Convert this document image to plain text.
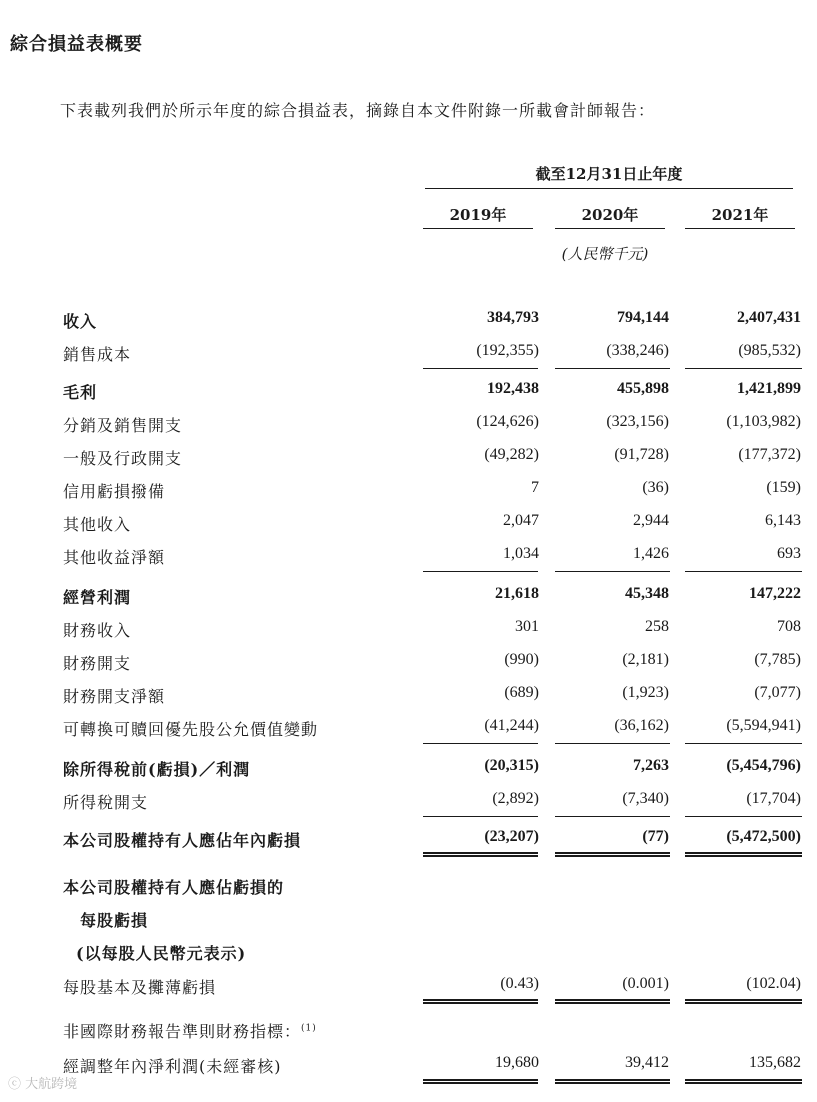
綜合損益表概要
下表載列我們於所示年度的綜合損益表，摘錄自本文件附錄一所載會計師報告：
截至12月31日止年度
2019年	2020年	2021年
(人民幣千元)
收入	384,793	794,144	2,407,431
銷售成本	(192,355)	(338,246)	(985,532)
毛利	192,438	455,898	1,421,899
分銷及銷售開支	(124,626)	(323,156)	(1,103,982)
一般及行政開支	(49,282)	(91,728)	(177,372)
信用虧損撥備	7	(36)	(159)
其他收入	2,047	2,944	6,143
其他收益淨額	1,034	1,426	693
經營利潤	21,618	45,348	147,222
財務收入	301	258	708
財務開支	(990)	(2,181)	(7,785)
財務開支淨額	(689)	(1,923)	(7,077)
可轉換可贖回優先股公允價值變動	(41,244)	(36,162)	(5,594,941)
除所得稅前(虧損)／利潤	(20,315)	7,263	(5,454,796)
所得稅開支	(2,892)	(7,340)	(17,704)
本公司股權持有人應佔年內虧損	(23,207)	(77)	(5,472,500)
本公司股權持有人應佔虧損的
每股虧損
(以每股人民幣元表示)
每股基本及攤薄虧損	(0.43)	(0.001)	(102.04)
非國際財務報告準則財務指標：$^{(1)}$
經調整年內淨利潤(未經審核)	19,680	39,412	135,682
ⓒ 大航跨境
